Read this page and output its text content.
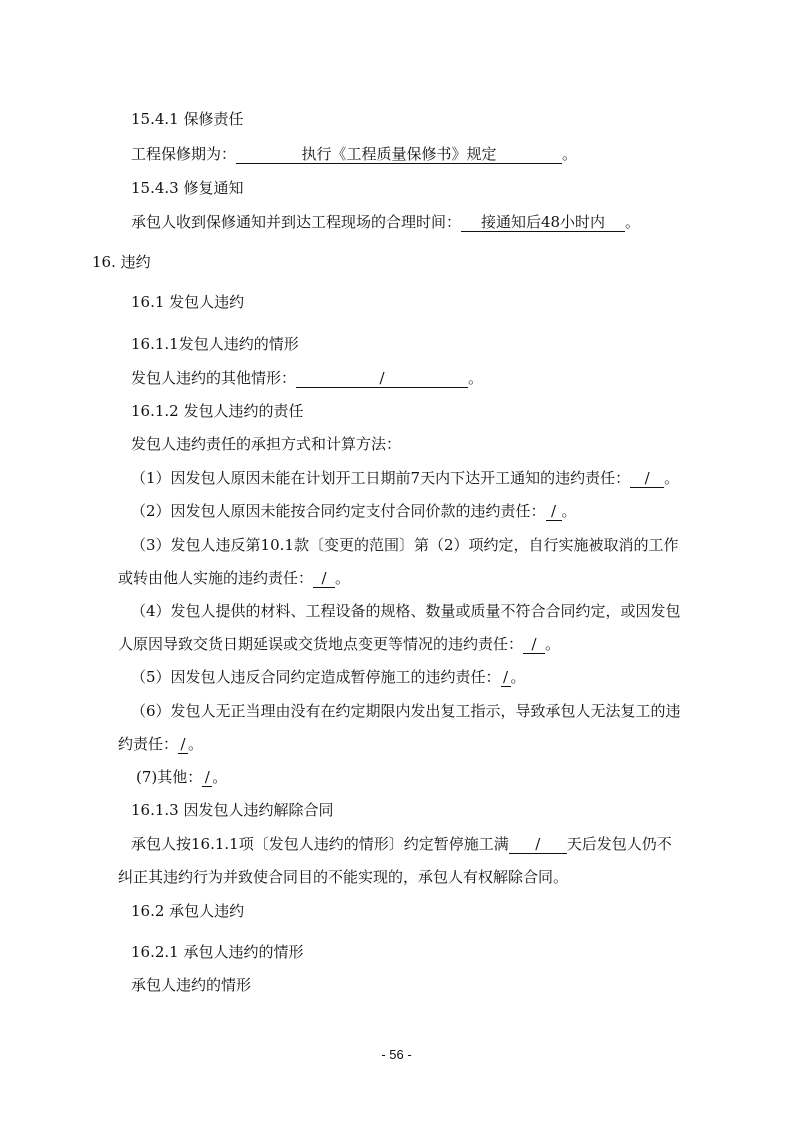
15.4.1 保修责任
工程保修期为：	执行《工程质量保修书》规定	。
15.4.3 修复通知
承包人收到保修通知并到达工程现场的合理时间： 接通知后48小时内 。
16. 违约
16.1 发包人违约
16.1.1发包人违约的情形
发包人违约的其他情形：	/	。
16.1.2 发包人违约的责任
发包人违约责任的承担方式和计算方法：
（1）因发包人原因未能在计划开工日期前7天内下达开工通知的违约责任： / 。
（2）因发包人原因未能按合同约定支付合同价款的违约责任： / 。
（3）发包人违反第10.1款〔变更的范围〕第（2）项约定，自行实施被取消的工作
或转由他人实施的违约责任： / 。
（4）发包人提供的材料、工程设备的规格、数量或质量不符合合同约定，或因发包
人原因导致交货日期延误或交货地点变更等情况的违约责任： / 。
（5）因发包人违反合同约定造成暂停施工的违约责任： / 。
（6）发包人无正当理由没有在约定期限内发出复工指示，导致承包人无法复工的违
约责任： / 。
(7)其他： / 。
16.1.3 因发包人违约解除合同
承包人按16.1.1项〔发包人违约的情形〕约定暂停施工满 / 天后发包人仍不
纠正其违约行为并致使合同目的不能实现的，承包人有权解除合同。
16.2 承包人违约
16.2.1 承包人违约的情形
承包人违约的情形
- 56 -
